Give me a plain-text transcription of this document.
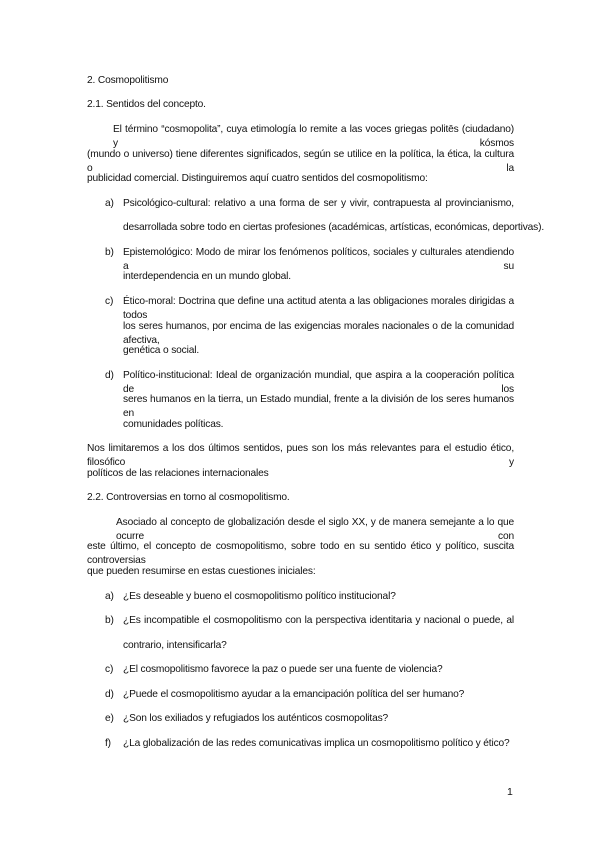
2. Cosmopolitismo
2.1. Sentidos del concepto.
El término “cosmopolita”, cuya etimología lo remite a las voces griegas politēs (ciudadano) y kósmos
(mundo o universo) tiene diferentes significados, según se utilice en la política, la ética, la cultura o la
publicidad comercial. Distinguiremos aquí cuatro sentidos del cosmopolitismo:
a) Psicológico-cultural: relativo a una forma de ser y vivir, contrapuesta al provincianismo,
desarrollada sobre todo en ciertas profesiones (académicas, artísticas, económicas, deportivas).
b) Epistemológico: Modo de mirar los fenómenos políticos, sociales y culturales atendiendo a su
interdependencia en un mundo global.
c) Ético-moral: Doctrina que define una actitud atenta a las obligaciones morales dirigidas a todos
los seres humanos, por encima de las exigencias morales nacionales o de la comunidad afectiva,
genética o social.
d) Político-institucional: Ideal de organización mundial, que aspira a la cooperación política de los
seres humanos en la tierra, un Estado mundial, frente a la división de los seres humanos en
comunidades políticas.
Nos limitaremos a los dos últimos sentidos, pues son los más relevantes para el estudio ético, filosófico y
políticos de las relaciones internacionales
2.2. Controversias en torno al cosmopolitismo.
Asociado al concepto de globalización desde el siglo XX, y de manera semejante a lo que ocurre con
este último, el concepto de cosmopolitismo, sobre todo en su sentido ético y político, suscita controversias
que pueden resumirse en estas cuestiones iniciales:
a) ¿Es deseable y bueno el cosmopolitismo político institucional?
b) ¿Es incompatible el cosmopolitismo con la perspectiva identitaria y nacional o puede, al
contrario, intensificarla?
c) ¿El cosmopolitismo favorece la paz o puede ser una fuente de violencia?
d) ¿Puede el cosmopolitismo ayudar a la emancipación política del ser humano?
e) ¿Son los exiliados y refugiados los auténticos cosmopolitas?
f)	¿La globalización de las redes comunicativas implica un cosmopolitismo político y ético?
1
